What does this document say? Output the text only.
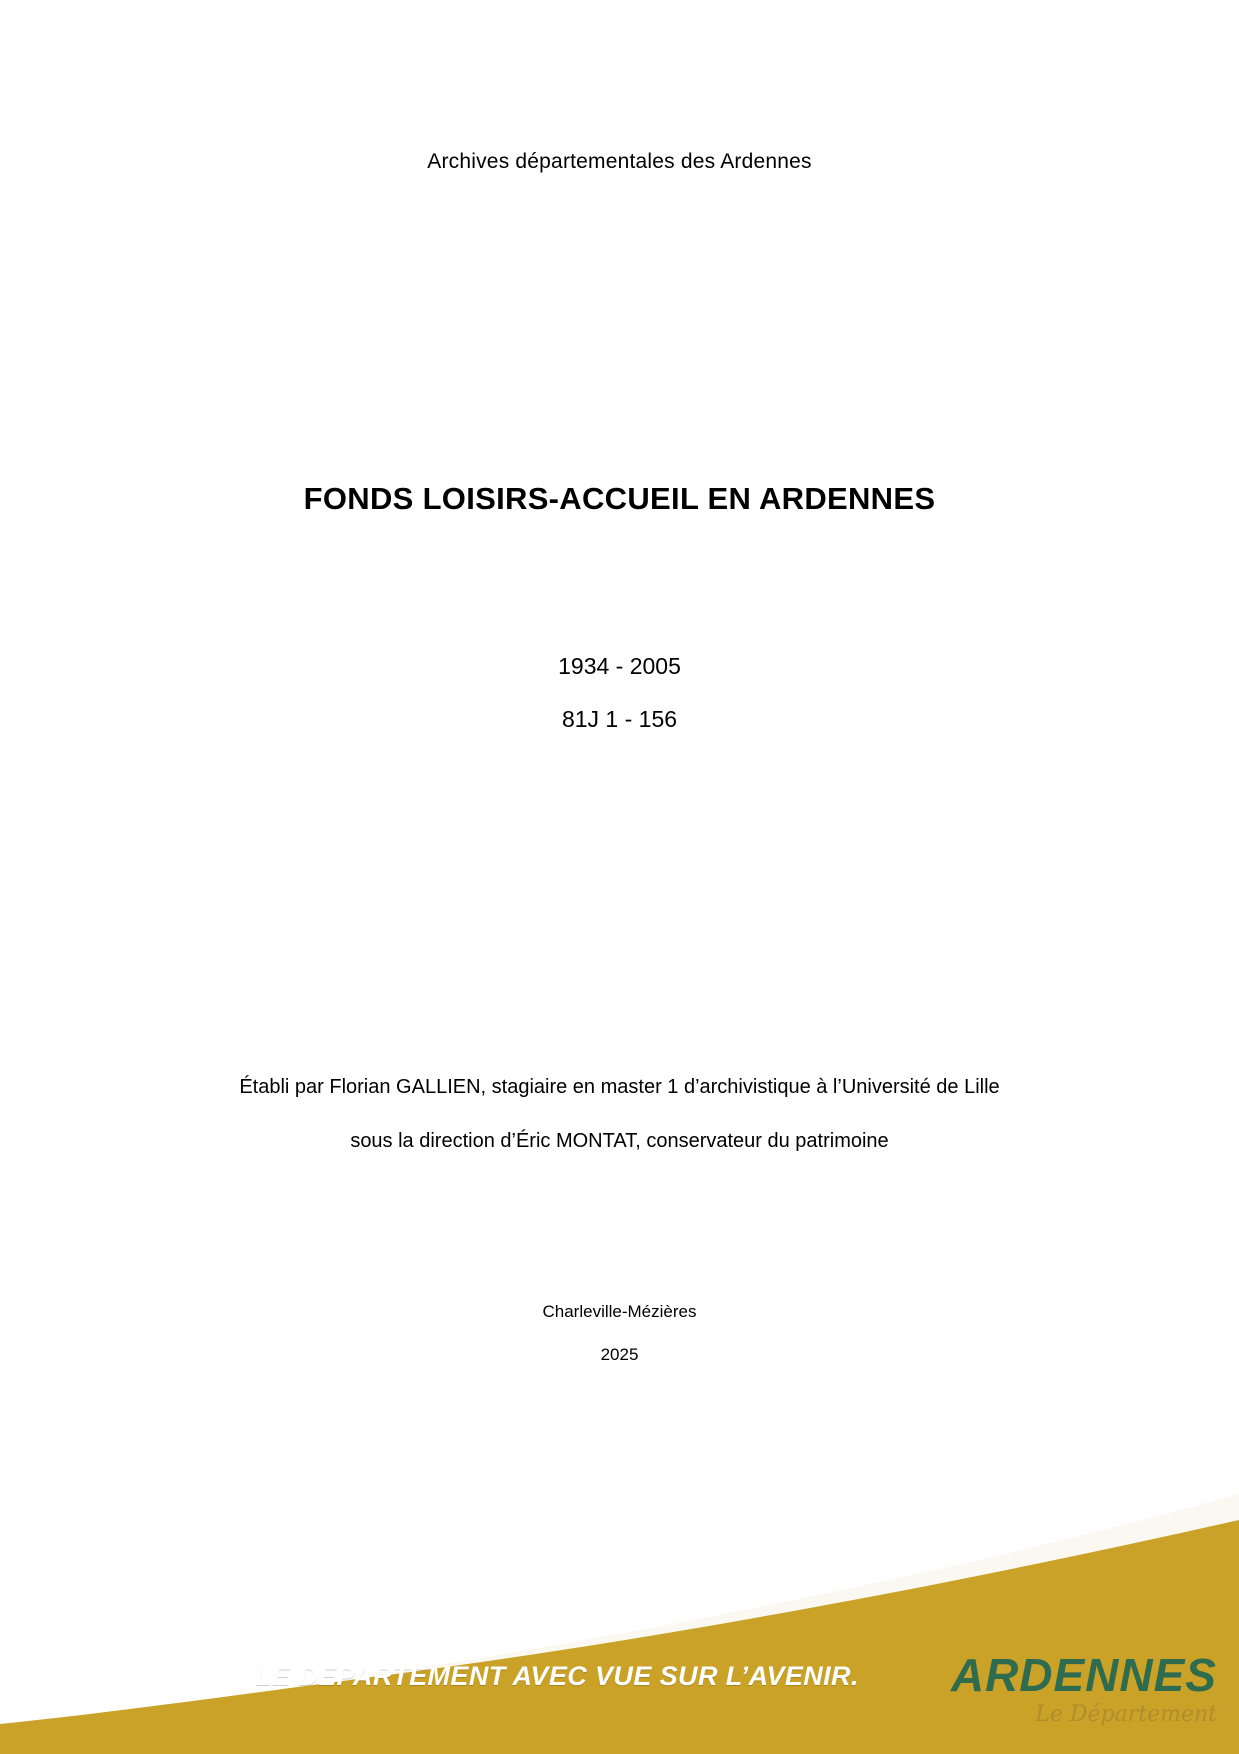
Archives départementales des Ardennes
FONDS LOISIRS-ACCUEIL EN ARDENNES
1934 - 2005
81J 1 - 156
Établi par Florian GALLIEN, stagiaire en master 1 d’archivistique à l’Université de Lille
sous la direction d’Éric MONTAT, conservateur du patrimoine
Charleville-Mézières
2025
www.
cd08.fr	LE DEPARTEMENT AVEC VUE SUR L’AVENIR.	ARDENNES
Le Département
